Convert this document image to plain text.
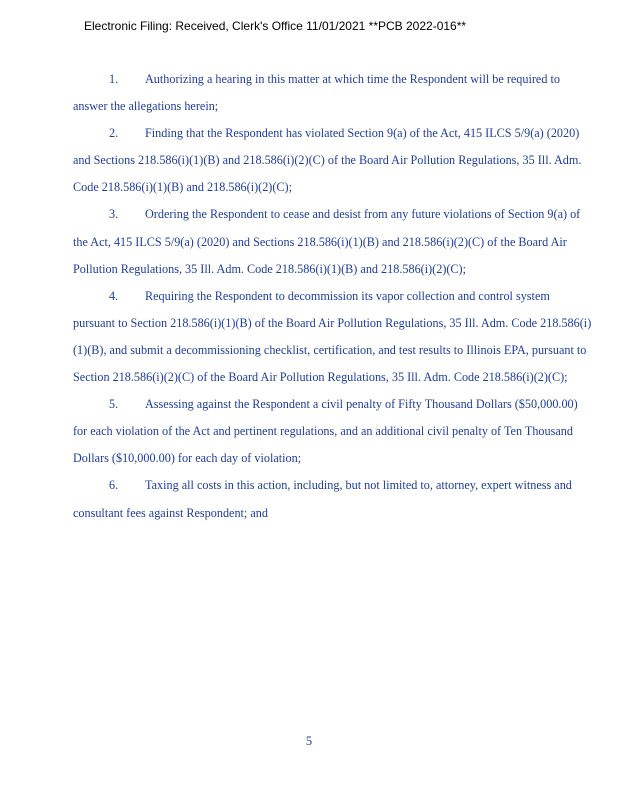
Electronic Filing: Received, Clerk's Office 11/01/2021 **PCB 2022-016**

1. Authorizing a hearing in this matter at which time the Respondent will be required to answer the allegations herein;

2. Finding that the Respondent has violated Section 9(a) of the Act, 415 ILCS 5/9(a) (2020) and Sections 218.586(i)(1)(B) and 218.586(i)(2)(C) of the Board Air Pollution Regulations, 35 Ill. Adm. Code 218.586(i)(1)(B) and 218.586(i)(2)(C);

3. Ordering the Respondent to cease and desist from any future violations of Section 9(a) of the Act, 415 ILCS 5/9(a) (2020) and Sections 218.586(i)(1)(B) and 218.586(i)(2)(C) of the Board Air Pollution Regulations, 35 Ill. Adm. Code 218.586(i)(1)(B) and 218.586(i)(2)(C);

4. Requiring the Respondent to decommission its vapor collection and control system pursuant to Section 218.586(i)(1)(B) of the Board Air Pollution Regulations, 35 Ill. Adm. Code 218.586(i)(1)(B), and submit a decommissioning checklist, certification, and test results to Illinois EPA, pursuant to Section 218.586(i)(2)(C) of the Board Air Pollution Regulations, 35 Ill. Adm. Code 218.586(i)(2)(C);

5. Assessing against the Respondent a civil penalty of Fifty Thousand Dollars ($50,000.00) for each violation of the Act and pertinent regulations, and an additional civil penalty of Ten Thousand Dollars ($10,000.00) for each day of violation;

6. Taxing all costs in this action, including, but not limited to, attorney, expert witness and consultant fees against Respondent; and

5
